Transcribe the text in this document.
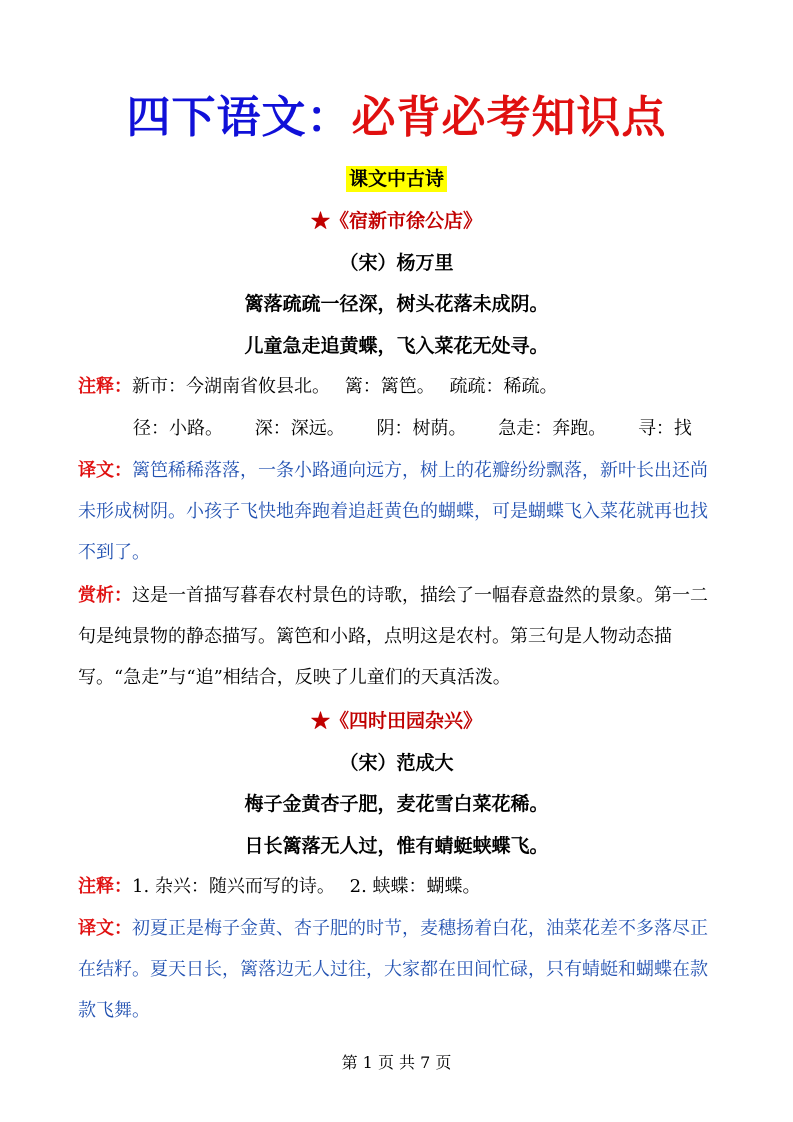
四下语文：必背必考知识点
课文中古诗
★《宿新市徐公店》
（宋）杨万里
篱落疏疏一径深，树头花落未成阴。
儿童急走追黄蝶，飞入菜花无处寻。

注释：新市：今湖南省攸县北。　 篱：篱笆。　 疏疏：稀疏。

径：小路。 深：深远。 阴：树荫。 急走：奔跑。 寻：找

译文：篱笆稀稀落落，一条小路通向远方，树上的花瓣纷纷飘落，新叶长出还尚未形成树阴。小孩子飞快地奔跑着追赶黄色的蝴蝶，可是蝴蝶飞入菜花就再也找不到了。

赏析：这是一首描写暮春农村景色的诗歌，描绘了一幅春意盎然的景象。第一二句是纯景物的静态描写。篱笆和小路，点明这是农村。第三句是人物动态描写。“急走”与“追”相结合，反映了儿童们的天真活泼。

★《四时田园杂兴》
（宋）范成大
梅子金黄杏子肥，麦花雪白菜花稀。
日长篱落无人过，惟有蜻蜓蛱蝶飞。

注释：1. 杂兴：随兴而写的诗。　 2. 蛱蝶：蝴蝶。

译文：初夏正是梅子金黄、杏子肥的时节，麦穗扬着白花，油菜花差不多落尽正在结籽。夏天日长，篱落边无人过往，大家都在田间忙碌，只有蜻蜓和蝴蝶在款款飞舞。

第 1 页 共 7 页
